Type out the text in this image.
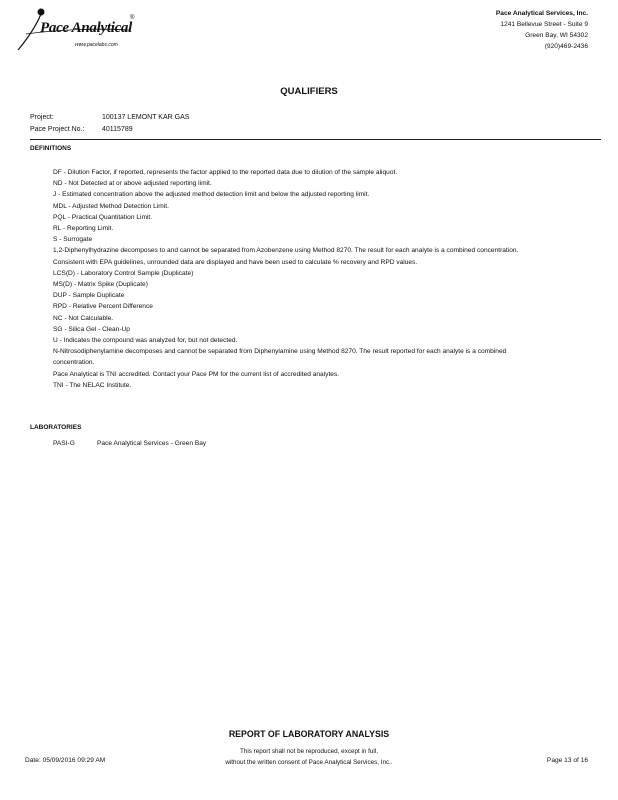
Pace Analytical
®
www.pacelabs.com
Pace Analytical Services, Inc.
1241 Bellevue Street - Suite 9
Green Bay, WI 54302
(920)469-2436
QUALIFIERS
Project:	100137 LEMONT KAR GAS
Pace Project No.:	40115789
DEFINITIONS
DF - Dilution Factor, if reported, represents the factor applied to the reported data due to dilution of the sample aliquot.
ND - Not Detected at or above adjusted reporting limit.
J - Estimated concentration above the adjusted method detection limit and below the adjusted reporting limit.
MDL - Adjusted Method Detection Limit.
PQL - Practical Quantitation Limit.
RL - Reporting Limit.
S - Surrogate
1,2-Diphenylhydrazine decomposes to and cannot be separated from Azobenzene using Method 8270. The result for each analyte is a combined concentration.
Consistent with EPA guidelines, unrounded data are displayed and have been used to calculate % recovery and RPD values.
LCS(D) - Laboratory Control Sample (Duplicate)
MS(D) - Matrix Spike (Duplicate)
DUP - Sample Duplicate
RPD - Relative Percent Difference
NC - Not Calculable.
SG - Silica Gel - Clean-Up
U - Indicates the compound was analyzed for, but not detected.
N-Nitrosodiphenylamine decomposes and cannot be separated from Diphenylamine using Method 8270. The result reported for each analyte is a combined concentration.
Pace Analytical is TNI accredited. Contact your Pace PM for the current list of accredited analytes.
TNI - The NELAC Institute.
LABORATORIES
PASI-G	Pace Analytical Services - Green Bay
REPORT OF LABORATORY ANALYSIS
This report shall not be reproduced, except in full,
without the written consent of Pace Analytical Services, Inc..
Date: 05/09/2016 09:29 AM	Page 13 of 16
